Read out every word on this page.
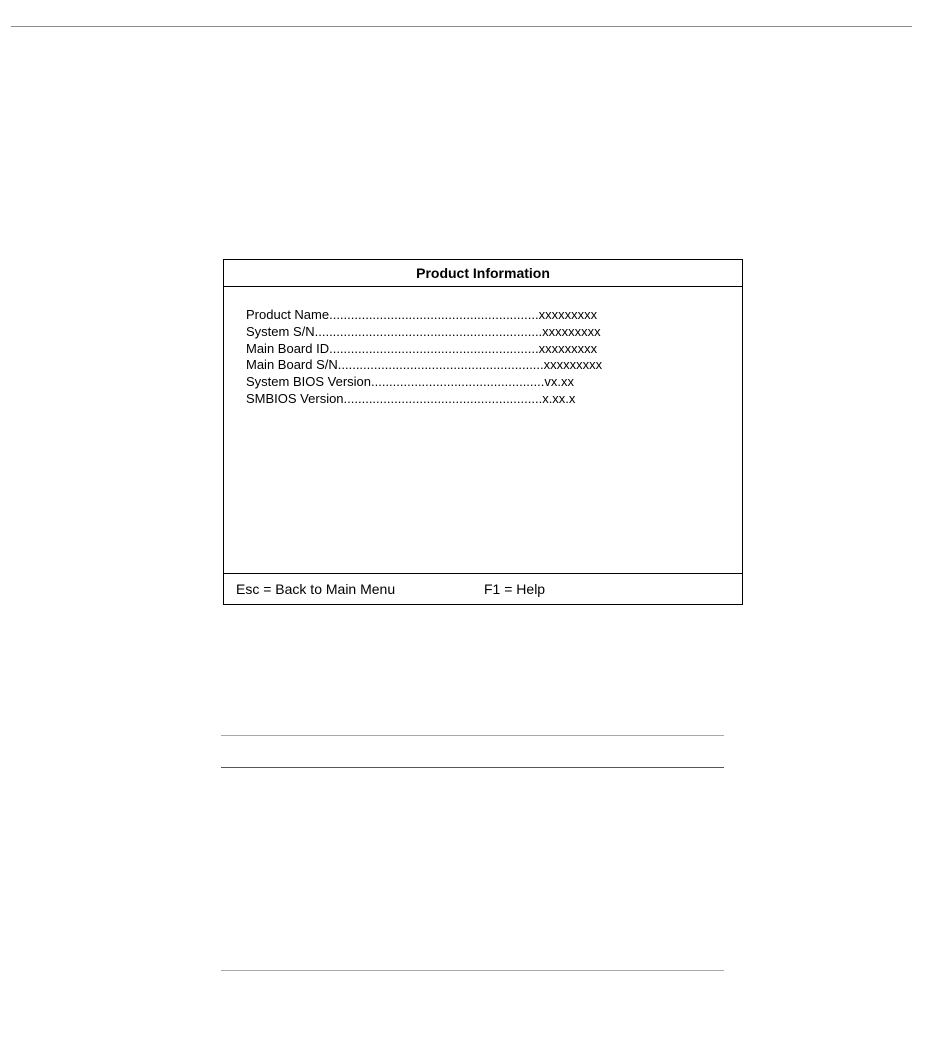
Product Information
Product Name..........................................................xxxxxxxxx
System S/N...............................................................xxxxxxxxx
Main Board ID..........................................................xxxxxxxxx
Main Board S/N.........................................................xxxxxxxxx
System BIOS Version................................................vx.xx
SMBIOS Version.......................................................x.xx.x
Esc = Back to Main Menu	F1 = Help
